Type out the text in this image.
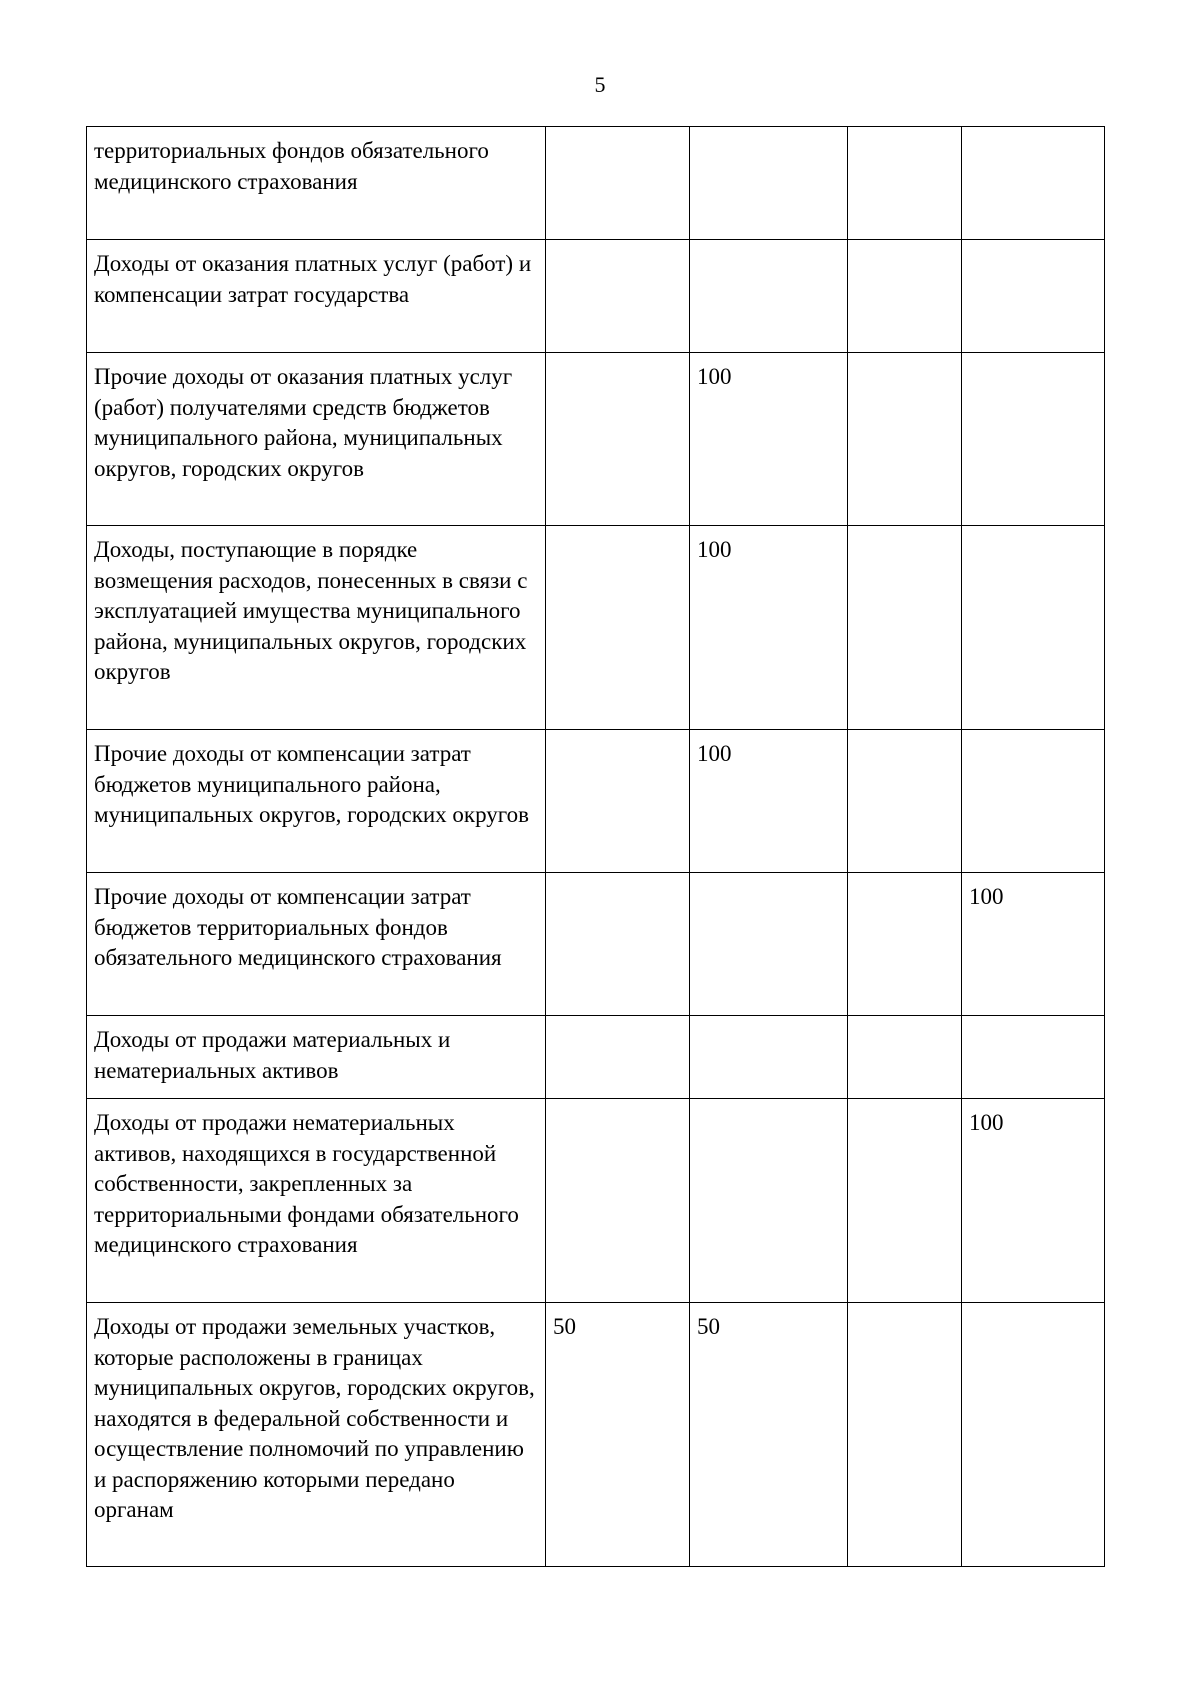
5
территориальных фондов обязательного медицинского страхования				
Доходы от оказания платных услуг (работ) и компенсации затрат государства				
Прочие доходы от оказания платных услуг (работ) получателями средств бюджетов муниципального района, муниципальных округов, городских округов		100		
Доходы, поступающие в порядке возмещения расходов, понесенных в связи с эксплуатацией имущества муниципального района, муниципальных округов, городских округов		100		
Прочие доходы от компенсации затрат бюджетов муниципального района, муниципальных округов, городских округов		100		
Прочие доходы от компенсации затрат бюджетов территориальных фондов обязательного медицинского страхования				100
Доходы от продажи материальных и нематериальных активов				
Доходы от продажи нематериальных активов, находящихся в государственной собственности, закрепленных за территориальными фондами обязательного медицинского страхования				100
Доходы от продажи земельных участков, которые расположены в границах муниципальных округов, городских округов, находятся в федеральной собственности и осуществление полномочий по управлению и распоряжению которыми передано органам	50	50		
